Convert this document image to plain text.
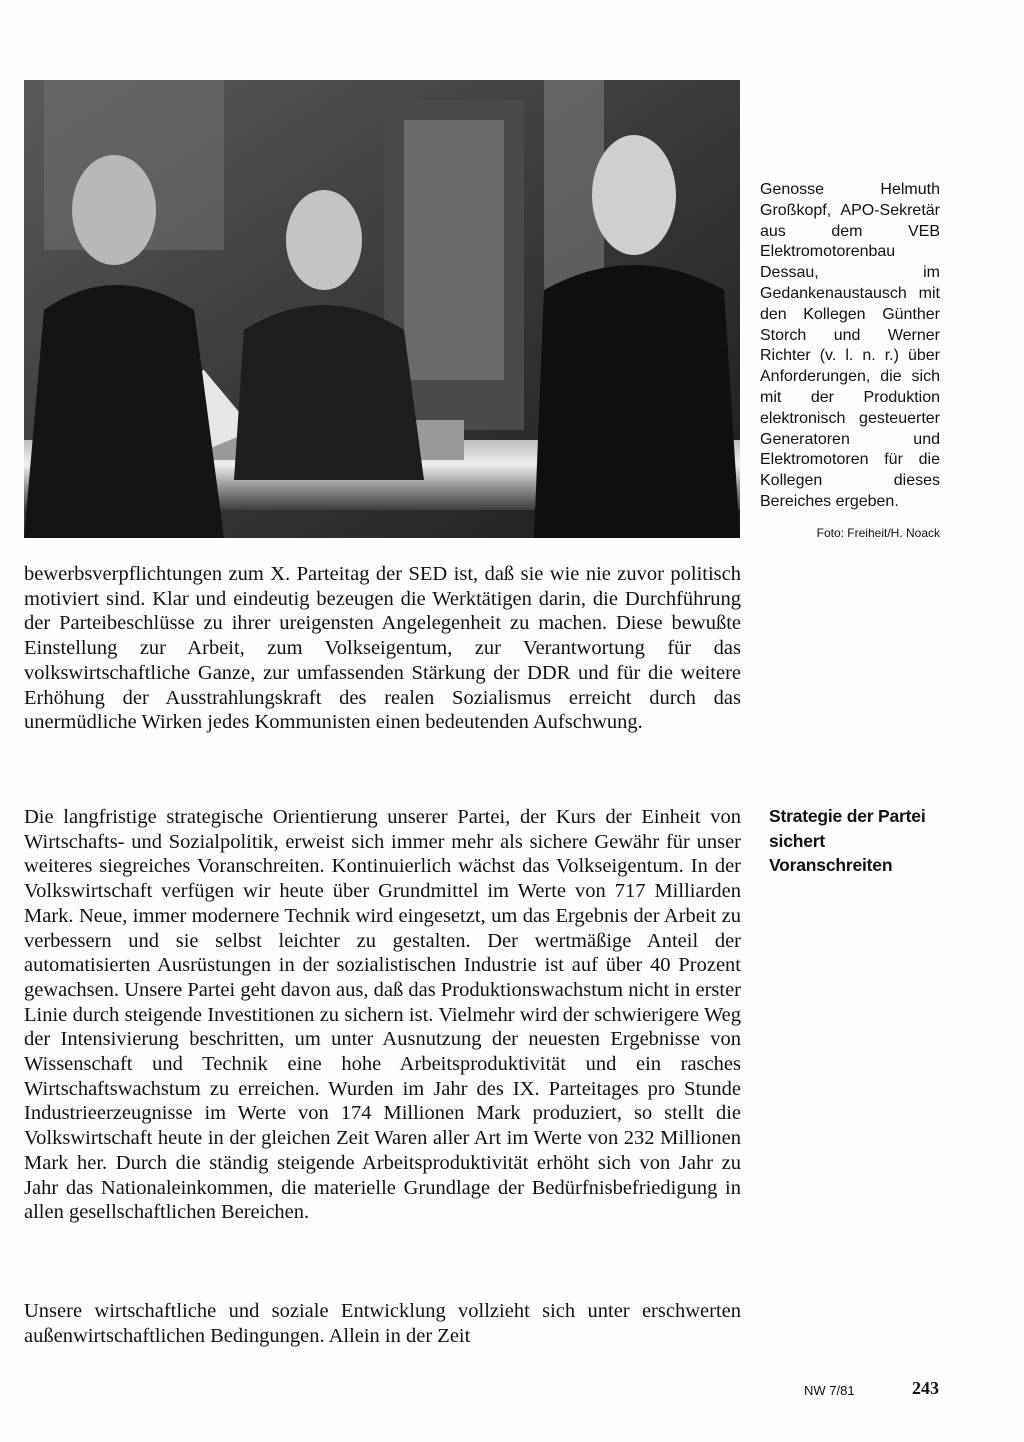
Genosse Helmuth Großkopf, APO-Sekretär aus dem VEB Elektromotorenbau Dessau, im Gedankenaustausch mit den Kollegen Günther Storch und Werner Richter (v. l. n. r.) über Anforderungen, die sich mit der Produktion elektronisch gesteuerter Generatoren und Elektromotoren für die Kollegen dieses Bereiches ergeben.
Foto: Freiheit/H. Noack

bewerbsverpflichtungen zum X. Parteitag der SED ist, daß sie wie nie zuvor politisch motiviert sind. Klar und eindeutig bezeugen die Werktätigen darin, die Durchführung der Parteibeschlüsse zu ihrer ureigensten Angelegenheit zu machen. Diese bewußte Einstellung zur Arbeit, zum Volkseigentum, zur Verantwortung für das volkswirtschaftliche Ganze, zur umfassenden Stärkung der DDR und für die weitere Erhöhung der Ausstrahlungskraft des realen Sozialismus erreicht durch das unermüdliche Wirken jedes Kommunisten einen bedeutenden Aufschwung.

Die langfristige strategische Orientierung unserer Partei, der Kurs der Einheit von Wirtschafts- und Sozialpolitik, erweist sich immer mehr als sichere Gewähr für unser weiteres siegreiches Voranschreiten. Kontinuierlich wächst das Volkseigentum. In der Volkswirtschaft verfügen wir heute über Grundmittel im Werte von 717 Milliarden Mark. Neue, immer modernere Technik wird eingesetzt, um das Ergebnis der Arbeit zu verbessern und sie selbst leichter zu gestalten. Der wertmäßige Anteil der automatisierten Ausrüstungen in der sozialistischen Industrie ist auf über 40 Prozent gewachsen. Unsere Partei geht davon aus, daß das Produktionswachstum nicht in erster Linie durch steigende Investitionen zu sichern ist. Vielmehr wird der schwierigere Weg der Intensivierung beschritten, um unter Ausnutzung der neuesten Ergebnisse von Wissenschaft und Technik eine hohe Arbeitsproduktivität und ein rasches Wirtschaftswachstum zu erreichen. Wurden im Jahr des IX. Parteitages pro Stunde Industrieerzeugnisse im Werte von 174 Millionen Mark produziert, so stellt die Volkswirtschaft heute in der gleichen Zeit Waren aller Art im Werte von 232 Millionen Mark her. Durch die ständig steigende Arbeitsproduktivität erhöht sich von Jahr zu Jahr das Nationaleinkommen, die materielle Grundlage der Bedürfnisbefriedigung in allen gesellschaftlichen Bereichen.

Unsere wirtschaftliche und soziale Entwicklung vollzieht sich unter erschwerten außenwirtschaftlichen Bedingungen. Allein in der Zeit

Strategie der Partei sichert Voranschreiten
NW 7/81	243
